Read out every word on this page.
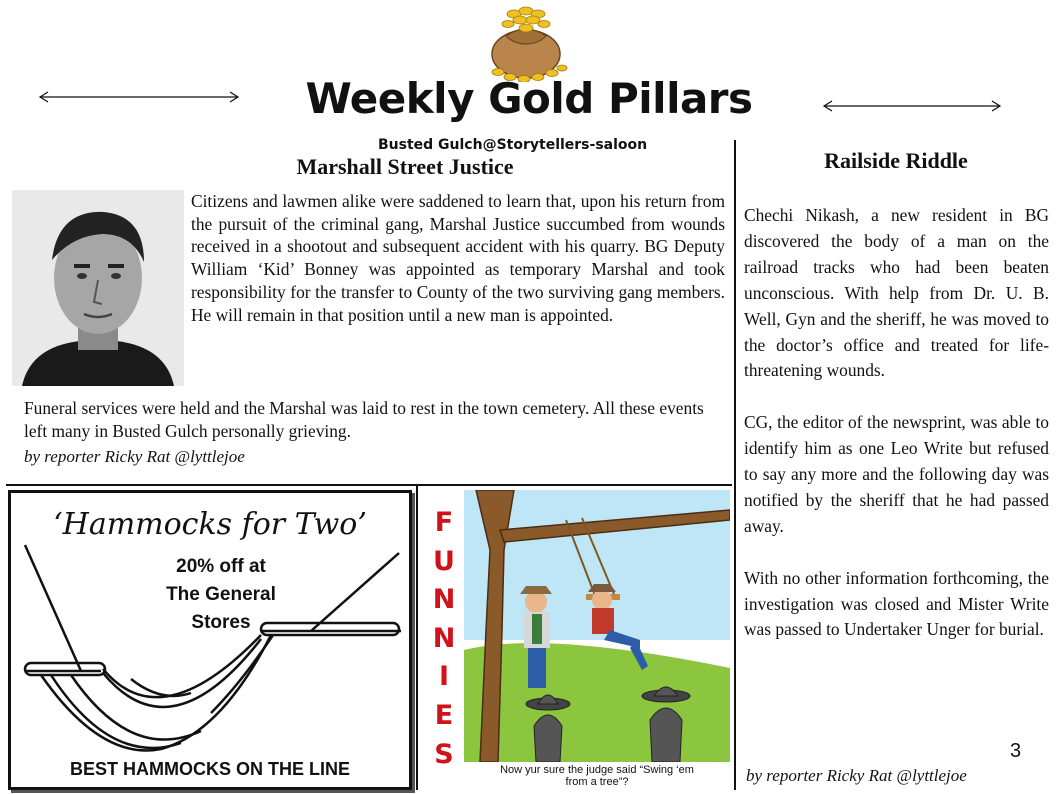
Weekly Gold Pillars
Busted Gulch@Storytellers-saloon
Marshall Street Justice
Citizens and lawmen alike were saddened to learn that, upon his return from the pursuit of the criminal gang, Marshal Justice succumbed from wounds received in a shootout and subsequent accident with his quarry. BG Deputy William ‘Kid’ Bonney was appointed as temporary Marshal and took responsibility for the transfer to County of the two surviving gang members. He will remain in that position until a new man is appointed.
Funeral services were held and the Marshal was laid to rest in the town cemetery. All these events left many in Busted Gulch personally grieving.
by reporter Ricky Rat @lyttlejoe
Railside Riddle

Chechi Nikash, a new resident in BG discovered the body of a man on the railroad tracks who had been beaten unconscious. With help from Dr. U. B. Well, Gyn and the sheriff, he was moved to the doctor’s office and treated for life-threatening wounds.

CG, the editor of the newsprint, was able to identify him as one Leo Write but refused to say any more and the following day was notified by the sheriff that he had passed away.

With no other information forthcoming, the investigation was closed and Mister Write was passed to Undertaker Unger for burial.

by reporter Ricky Rat @lyttlejoe
3
‘Hammocks for Two’
20% off at
The General
Stores
BEST HAMMOCKS ON THE LINE
F
U
N
N
I
E
S
Now yur sure the judge said “Swing ‘em
from a tree”?
